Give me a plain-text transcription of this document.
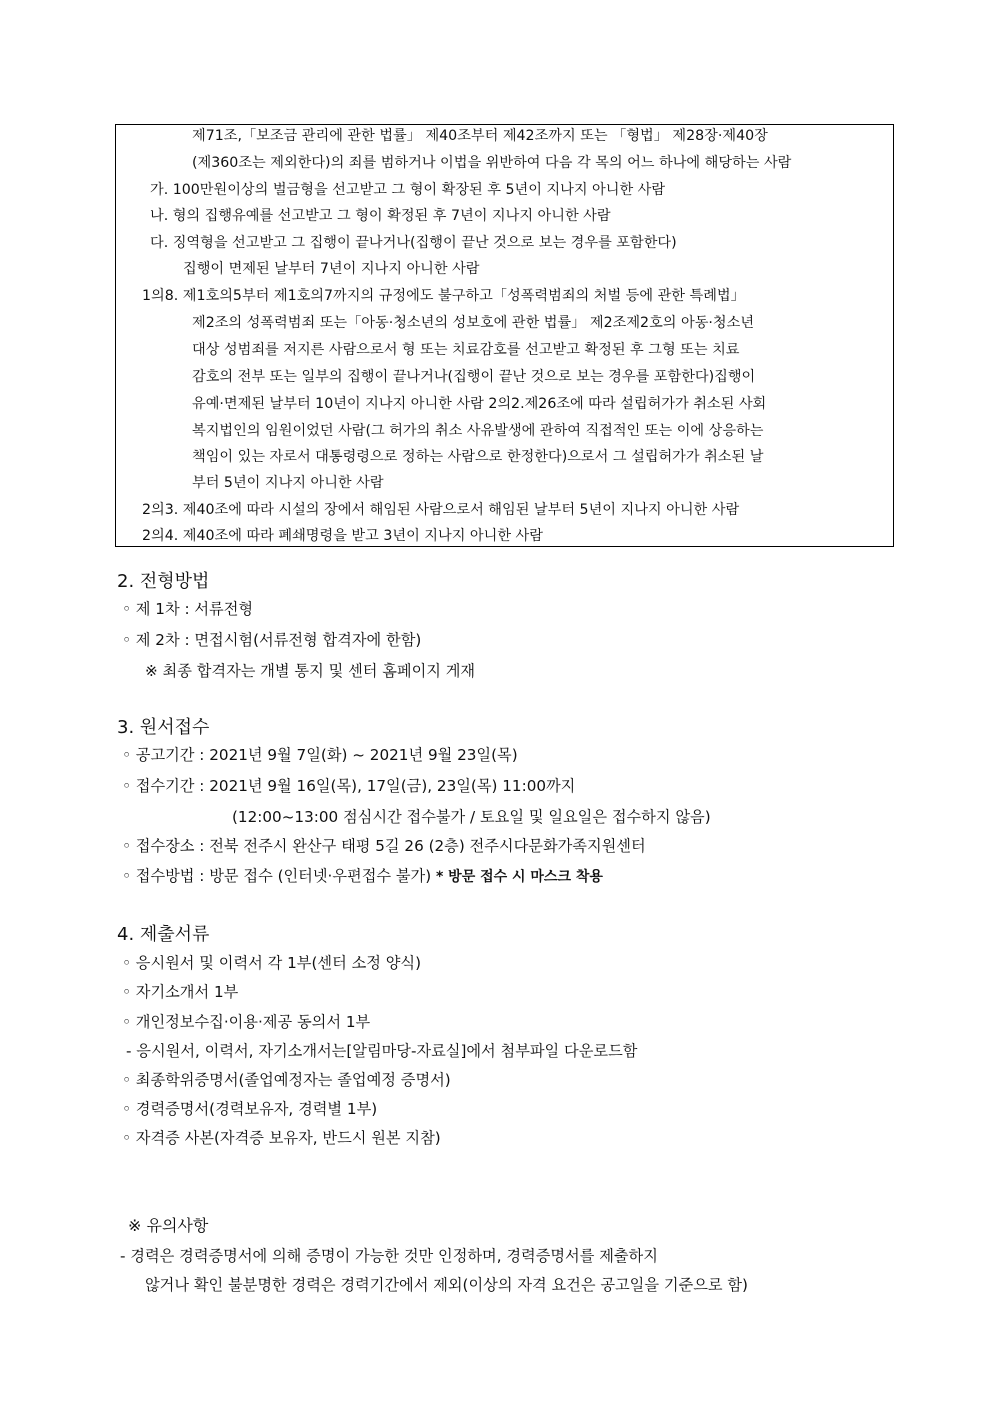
제71조,「보조금 관리에 관한 법률」 제40조부터 제42조까지 또는 「형법」 제28장·제40장
(제360조는 제외한다)의 죄를 범하거나 이법을 위반하여 다음 각 목의 어느 하나에 해당하는 사람
가. 100만원이상의 벌금형을 선고받고 그 형이 확장된 후 5년이 지나지 아니한 사람
나. 형의 집행유예를 선고받고 그 형이 확정된 후 7년이 지나지 아니한 사람
다. 징역형을 선고받고 그 집행이 끝나거나(집행이 끝난 것으로 보는 경우를 포함한다)
집행이 면제된 날부터 7년이 지나지 아니한 사람
1의8. 제1호의5부터 제1호의7까지의 규정에도 불구하고「성폭력범죄의 처벌 등에 관한 특례법」
제2조의 성폭력범죄 또는「아동·청소년의 성보호에 관한 법률」 제2조제2호의 아동·청소년
대상 성범죄를 저지른 사람으로서 형 또는 치료감호를 선고받고 확정된 후 그형 또는 치료
감호의 전부 또는 일부의 집행이 끝나거나(집행이 끝난 것으로 보는 경우를 포함한다)집행이
유예·면제된 날부터 10년이 지나지 아니한 사람 2의2.제26조에 따라 설립허가가 취소된 사회
복지법인의 임원이었던 사람(그 허가의 취소 사유발생에 관하여 직접적인 또는 이에 상응하는
책임이 있는 자로서 대통령령으로 정하는 사람으로 한정한다)으로서 그 설립허가가 취소된 날
부터 5년이 지나지 아니한 사람
2의3. 제40조에 따라 시설의 장에서 해임된 사람으로서 해임된 날부터 5년이 지나지 아니한 사람
2의4. 제40조에 따라 폐쇄명령을 받고 3년이 지나지 아니한 사람
2. 전형방법
◦ 제 1차 : 서류전형
◦ 제 2차 : 면접시험(서류전형 합격자에 한함)
※ 최종 합격자는 개별 통지 및 센터 홈페이지 게재
3. 원서접수
◦ 공고기간 : 2021년 9월 7일(화) ~ 2021년 9월 23일(목)
◦ 접수기간 : 2021년 9월 16일(목), 17일(금), 23일(목) 11:00까지
(12:00~13:00 점심시간 접수불가 / 토요일 및 일요일은 접수하지 않음)
◦ 접수장소 : 전북 전주시 완산구 태평 5길 26 (2층) 전주시다문화가족지원센터
◦ 접수방법 : 방문 접수 (인터넷·우편접수 불가) * 방문 접수 시 마스크 착용
4. 제출서류
◦ 응시원서 및 이력서 각 1부(센터 소정 양식)
◦ 자기소개서 1부
◦ 개인정보수집·이용·제공 동의서 1부
- 응시원서, 이력서, 자기소개서는[알림마당-자료실]에서 첨부파일 다운로드함
◦ 최종학위증명서(졸업예정자는 졸업예정 증명서)
◦ 경력증명서(경력보유자, 경력별 1부)
◦ 자격증 사본(자격증 보유자, 반드시 원본 지참)
※ 유의사항
- 경력은 경력증명서에 의해 증명이 가능한 것만 인정하며, 경력증명서를 제출하지
않거나 확인 불분명한 경력은 경력기간에서 제외(이상의 자격 요건은 공고일을 기준으로 함)
